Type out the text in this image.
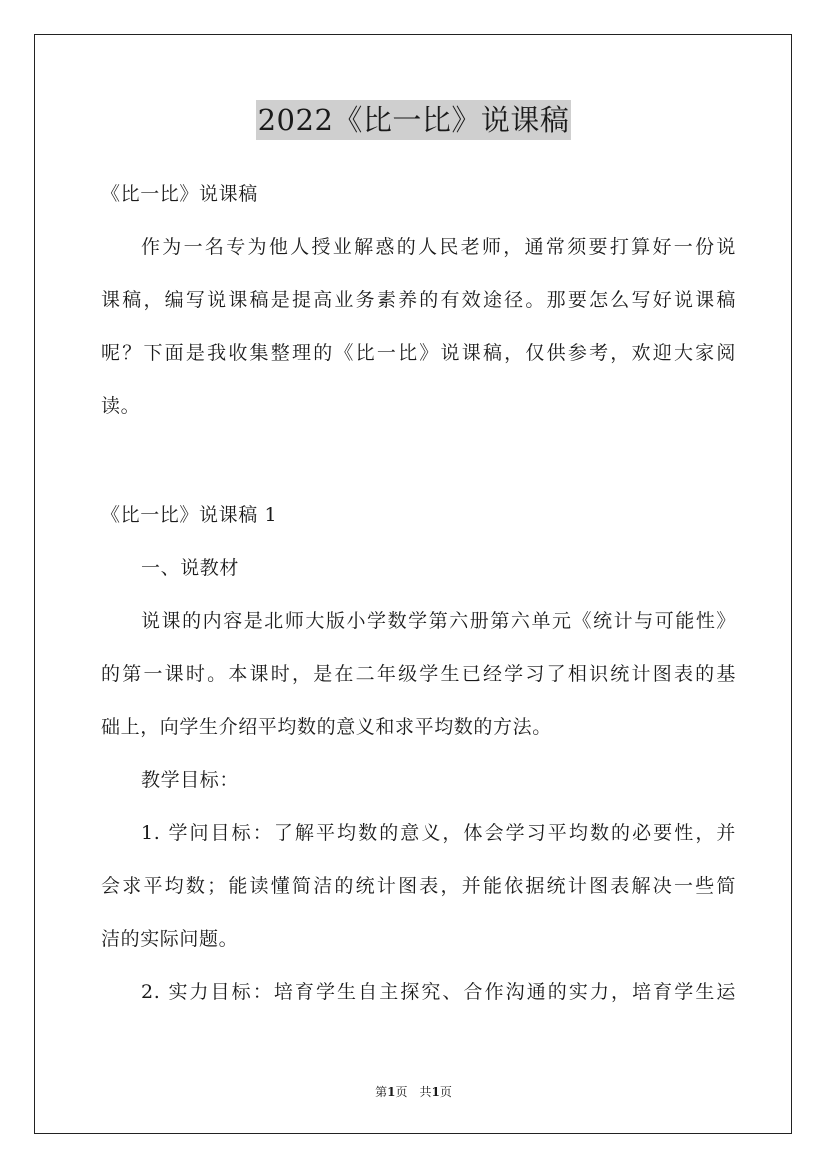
2022《比一比》说课稿
《比一比》说课稿
作为一名专为他人授业解惑的人民老师，通常须要打算好一份说
课稿，编写说课稿是提高业务素养的有效途径。那要怎么写好说课稿
呢？下面是我收集整理的《比一比》说课稿，仅供参考，欢迎大家阅
读。
《比一比》说课稿 1
一、说教材
说课的内容是北师大版小学数学第六册第六单元《统计与可能性》
的第一课时。本课时，是在二年级学生已经学习了相识统计图表的基
础上，向学生介绍平均数的意义和求平均数的方法。
教学目标：
1. 学问目标：了解平均数的意义，体会学习平均数的必要性，并
会求平均数；能读懂简洁的统计图表，并能依据统计图表解决一些简
洁的实际问题。
2. 实力目标：培育学生自主探究、合作沟通的实力，培育学生运
第1页　共1页
